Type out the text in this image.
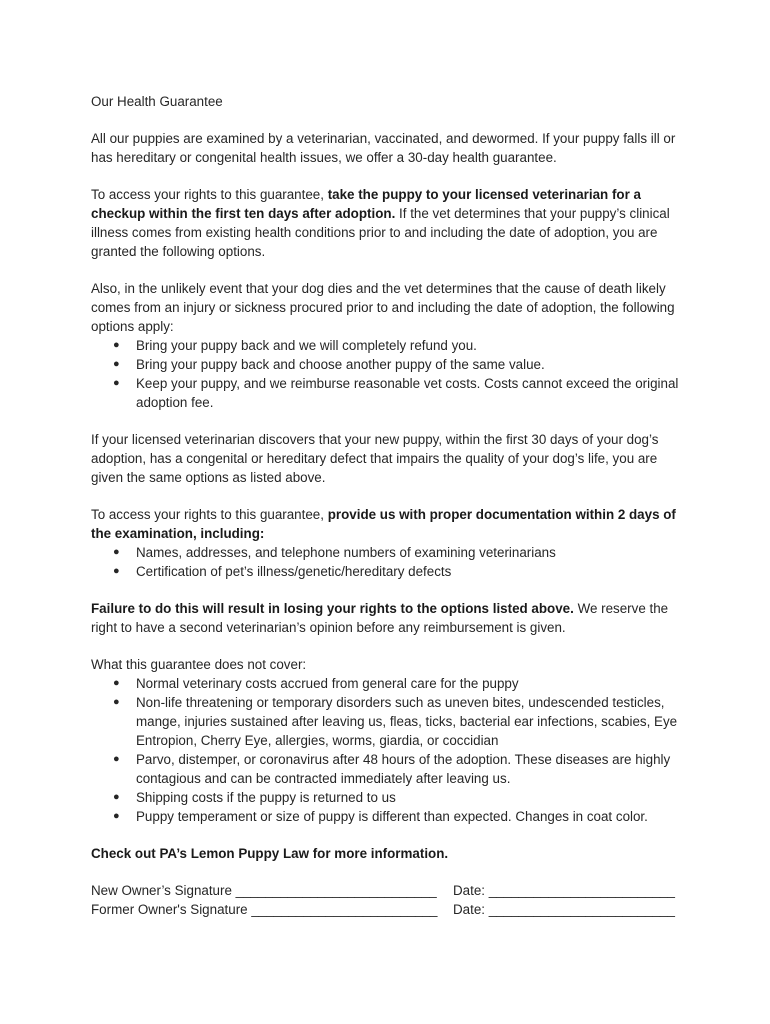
Our Health Guarantee

All our puppies are examined by a veterinarian, vaccinated, and dewormed. If your puppy falls ill or has hereditary or congenital health issues, we offer a 30-day health guarantee.

To access your rights to this guarantee, take the puppy to your licensed veterinarian for a checkup within the first ten days after adoption. If the vet determines that your puppy’s clinical illness comes from existing health conditions prior to and including the date of adoption, you are granted the following options.

Also, in the unlikely event that your dog dies and the vet determines that the cause of death likely comes from an injury or sickness procured prior to and including the date of adoption, the following options apply:
● Bring your puppy back and we will completely refund you.
● Bring your puppy back and choose another puppy of the same value.
● Keep your puppy, and we reimburse reasonable vet costs. Costs cannot exceed the original adoption fee.

If your licensed veterinarian discovers that your new puppy, within the first 30 days of your dog’s adoption, has a congenital or hereditary defect that impairs the quality of your dog’s life, you are given the same options as listed above.

To access your rights to this guarantee, provide us with proper documentation within 2 days of the examination, including:
● Names, addresses, and telephone numbers of examining veterinarians
● Certification of pet’s illness/genetic/hereditary defects

Failure to do this will result in losing your rights to the options listed above. We reserve the right to have a second veterinarian’s opinion before any reimbursement is given.

What this guarantee does not cover:
● Normal veterinary costs accrued from general care for the puppy
● Non-life threatening or temporary disorders such as uneven bites, undescended testicles, mange, injuries sustained after leaving us, fleas, ticks, bacterial ear infections, scabies, Eye Entropion, Cherry Eye, allergies, worms, giardia, or coccidian
● Parvo, distemper, or coronavirus after 48 hours of the adoption. These diseases are highly contagious and can be contracted immediately after leaving us.
● Shipping costs if the puppy is returned to us
● Puppy temperament or size of puppy is different than expected. Changes in coat color.

Check out PA’s Lemon Puppy Law for more information.

New Owner’s Signature ___________________________	Date: _________________________
Former Owner's Signature _________________________	Date: _________________________
